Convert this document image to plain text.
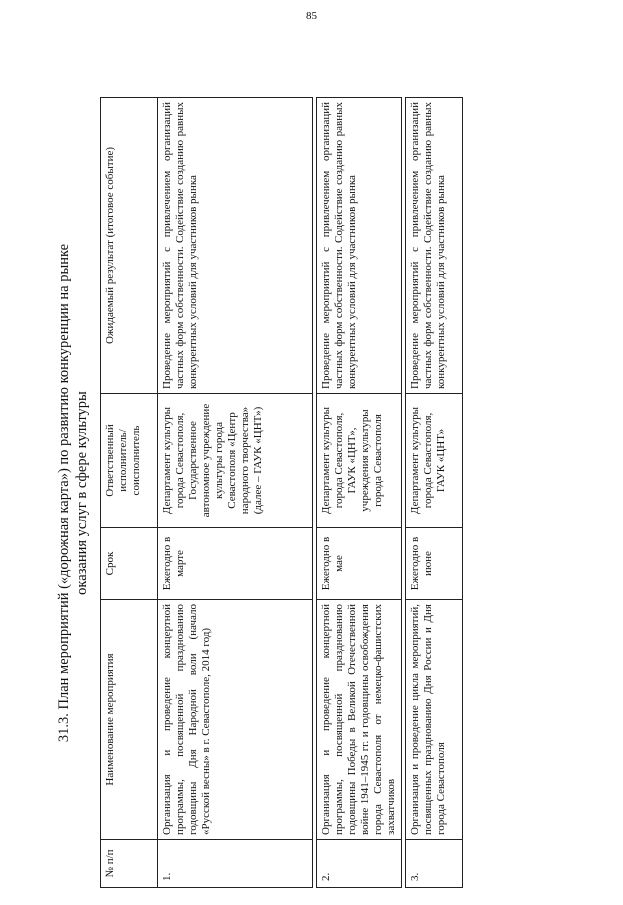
85
31.3. План мероприятий («дорожная карта») по развитию конкуренции на рынке оказания услуг в сфере культуры
№ п/п	Наименование мероприятия	Срок	Ответственный исполнитель/ соисполнитель	Ожидаемый результат (итоговое событие)
1.	Организация и проведение концертной программы, посвященной празднованию годовщины Дня Народной воли (начало «Русской весны» в г. Севастополе, 2014 год)	Ежегодно в марте	Департамент культуры города Севастополя, Государственное автономное учреждение культуры города Севастополя «Центр народного творчества» (далее – ГАУК «ЦНТ»)	Проведение мероприятий с привлечением организаций частных форм собственности. Содействие созданию равных конкурентных условий для участников рынка

2.	Организация и проведение концертной программы, посвященной празднованию годовщины Победы в Великой Отечественной войне 1941–1945 гг. и годовщины освобождения города Севастополя от немецко-фашистских захватчиков	Ежегодно в мае	Департамент культуры города Севастополя, ГАУК «ЦНТ», учреждения культуры города Севастополя	Проведение мероприятий с привлечением организаций частных форм собственности. Содействие созданию равных конкурентных условий для участников рынка

3.	Организация и проведение цикла мероприятий, посвященных празднованию Дня России и Дня города Севастополя	Ежегодно в июне	Департамент культуры города Севастополя, ГАУК «ЦНТ»	Проведение мероприятий с привлечением организаций частных форм собственности. Содействие созданию равных конкурентных условий для участников рынка
